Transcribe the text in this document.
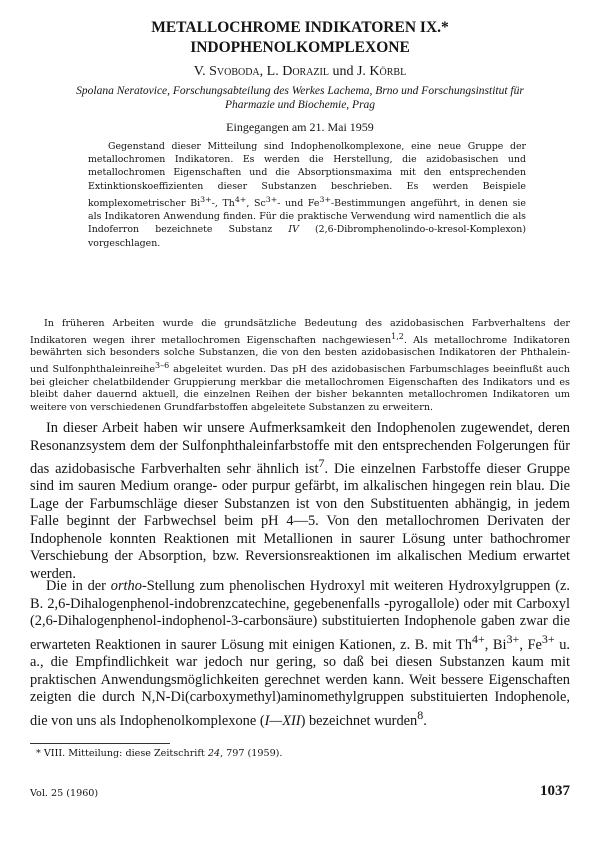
METALLOCHROME INDIKATOREN IX.*
INDOPHENOLKOMPLEXONE
V. Svoboda, L. Dorazil und J. Körbl
Spolana Neratovice, Forschungsabteilung des Werkes Lachema, Brno und Forschungsinstitut für
Pharmazie und Biochemie, Prag
Eingegangen am 21. Mai 1959

Gegenstand dieser Mitteilung sind Indophenolkomplexone, eine neue Gruppe der metallochromen Indikatoren. Es werden die Herstellung, die azidobasischen und metallochromen Eigenschaften und die Absorptionsmaxima mit den entsprechenden Extinktionskoeffizienten dieser Substanzen beschrieben. Es werden Beispiele komplexometrischer $Bi^{3+}-$, $Th^{4+}$, $Sc^{3+}-$ und $Fe^{3+}$-Bestimmungen angeführt, in denen sie als Indikatoren Anwendung finden. Für die praktische Verwendung wird namentlich die als Indoferron bezeichnete Substanz IV (2,6-Dibromphenolindo-o-kresol-Komplexon) vorgeschlagen.

In früheren Arbeiten wurde die grundsätzliche Bedeutung des azidobasischen Farbverhaltens der Indikatoren wegen ihrer metallochromen Eigenschaften nachgewiesen$^{1,2}$. Als metallochrome Indikatoren bewährten sich besonders solche Substanzen, die von den besten azidobasischen Indikatoren der Phthalein- und Sulfonphthaleinreihe$^{3-6}$ abgeleitet wurden. Das pH des azidobasischen Farbumschlages beeinflußt auch bei gleicher chelatbildender Gruppierung merkbar die metallochromen Eigenschaften des Indikators und es bleibt daher dauernd aktuell, die einzelnen Reihen der bisher bekannten metallochromen Indikatoren um weitere von verschiedenen Grundfarbstoffen abgeleitete Substanzen zu erweitern.

In dieser Arbeit haben wir unsere Aufmerksamkeit den Indophenolen zugewendet, deren Resonanzsystem dem der Sulfonphthaleinfarbstoffe mit den entsprechenden Folgerungen für das azidobasische Farbverhalten sehr ähnlich ist$^7$. Die einzelnen Farbstoffe dieser Gruppe sind im sauren Medium orange- oder purpur gefärbt, im alkalischen hingegen rein blau. Die Lage der Farbumschläge dieser Substanzen ist von den Substituenten abhängig, in jedem Falle beginnt der Farbwechsel beim pH 4—5. Von den metallochromen Derivaten der Indophenole konnten Reaktionen mit Metallionen in saurer Lösung unter bathochromer Verschiebung der Absorption, bzw. Reversionsreaktionen im alkalischen Medium erwartet werden.

Die in der ortho-Stellung zum phenolischen Hydroxyl mit weiteren Hydroxylgruppen (z. B. 2,6-Dihalogenphenol-indobrenzcatechine, gegebenenfalls -pyrogallole) oder mit Carboxyl (2,6-Dihalogenphenol-indophenol-3-carbonsäure) substituierten Indophenole gaben zwar die erwarteten Reaktionen in saurer Lösung mit einigen Kationen, z. B. mit $Th^{4+}$, $Bi^{3+}$, $Fe^{3+}$ u. a., die Empfindlichkeit war jedoch nur gering, so daß bei diesen Substanzen kaum mit praktischen Anwendungsmöglichkeiten gerechnet werden kann. Weit bessere Eigenschaften zeigten die durch N,N-Di(carboxymethyl)aminomethylgruppen substituierten Indophenole, die von uns als Indophenolkomplexone (I—XII) bezeichnet wurden$^8$.

* VIII. Mitteilung: diese Zeitschrift 24, 797 (1959).

Vol. 25 (1960)	1037
